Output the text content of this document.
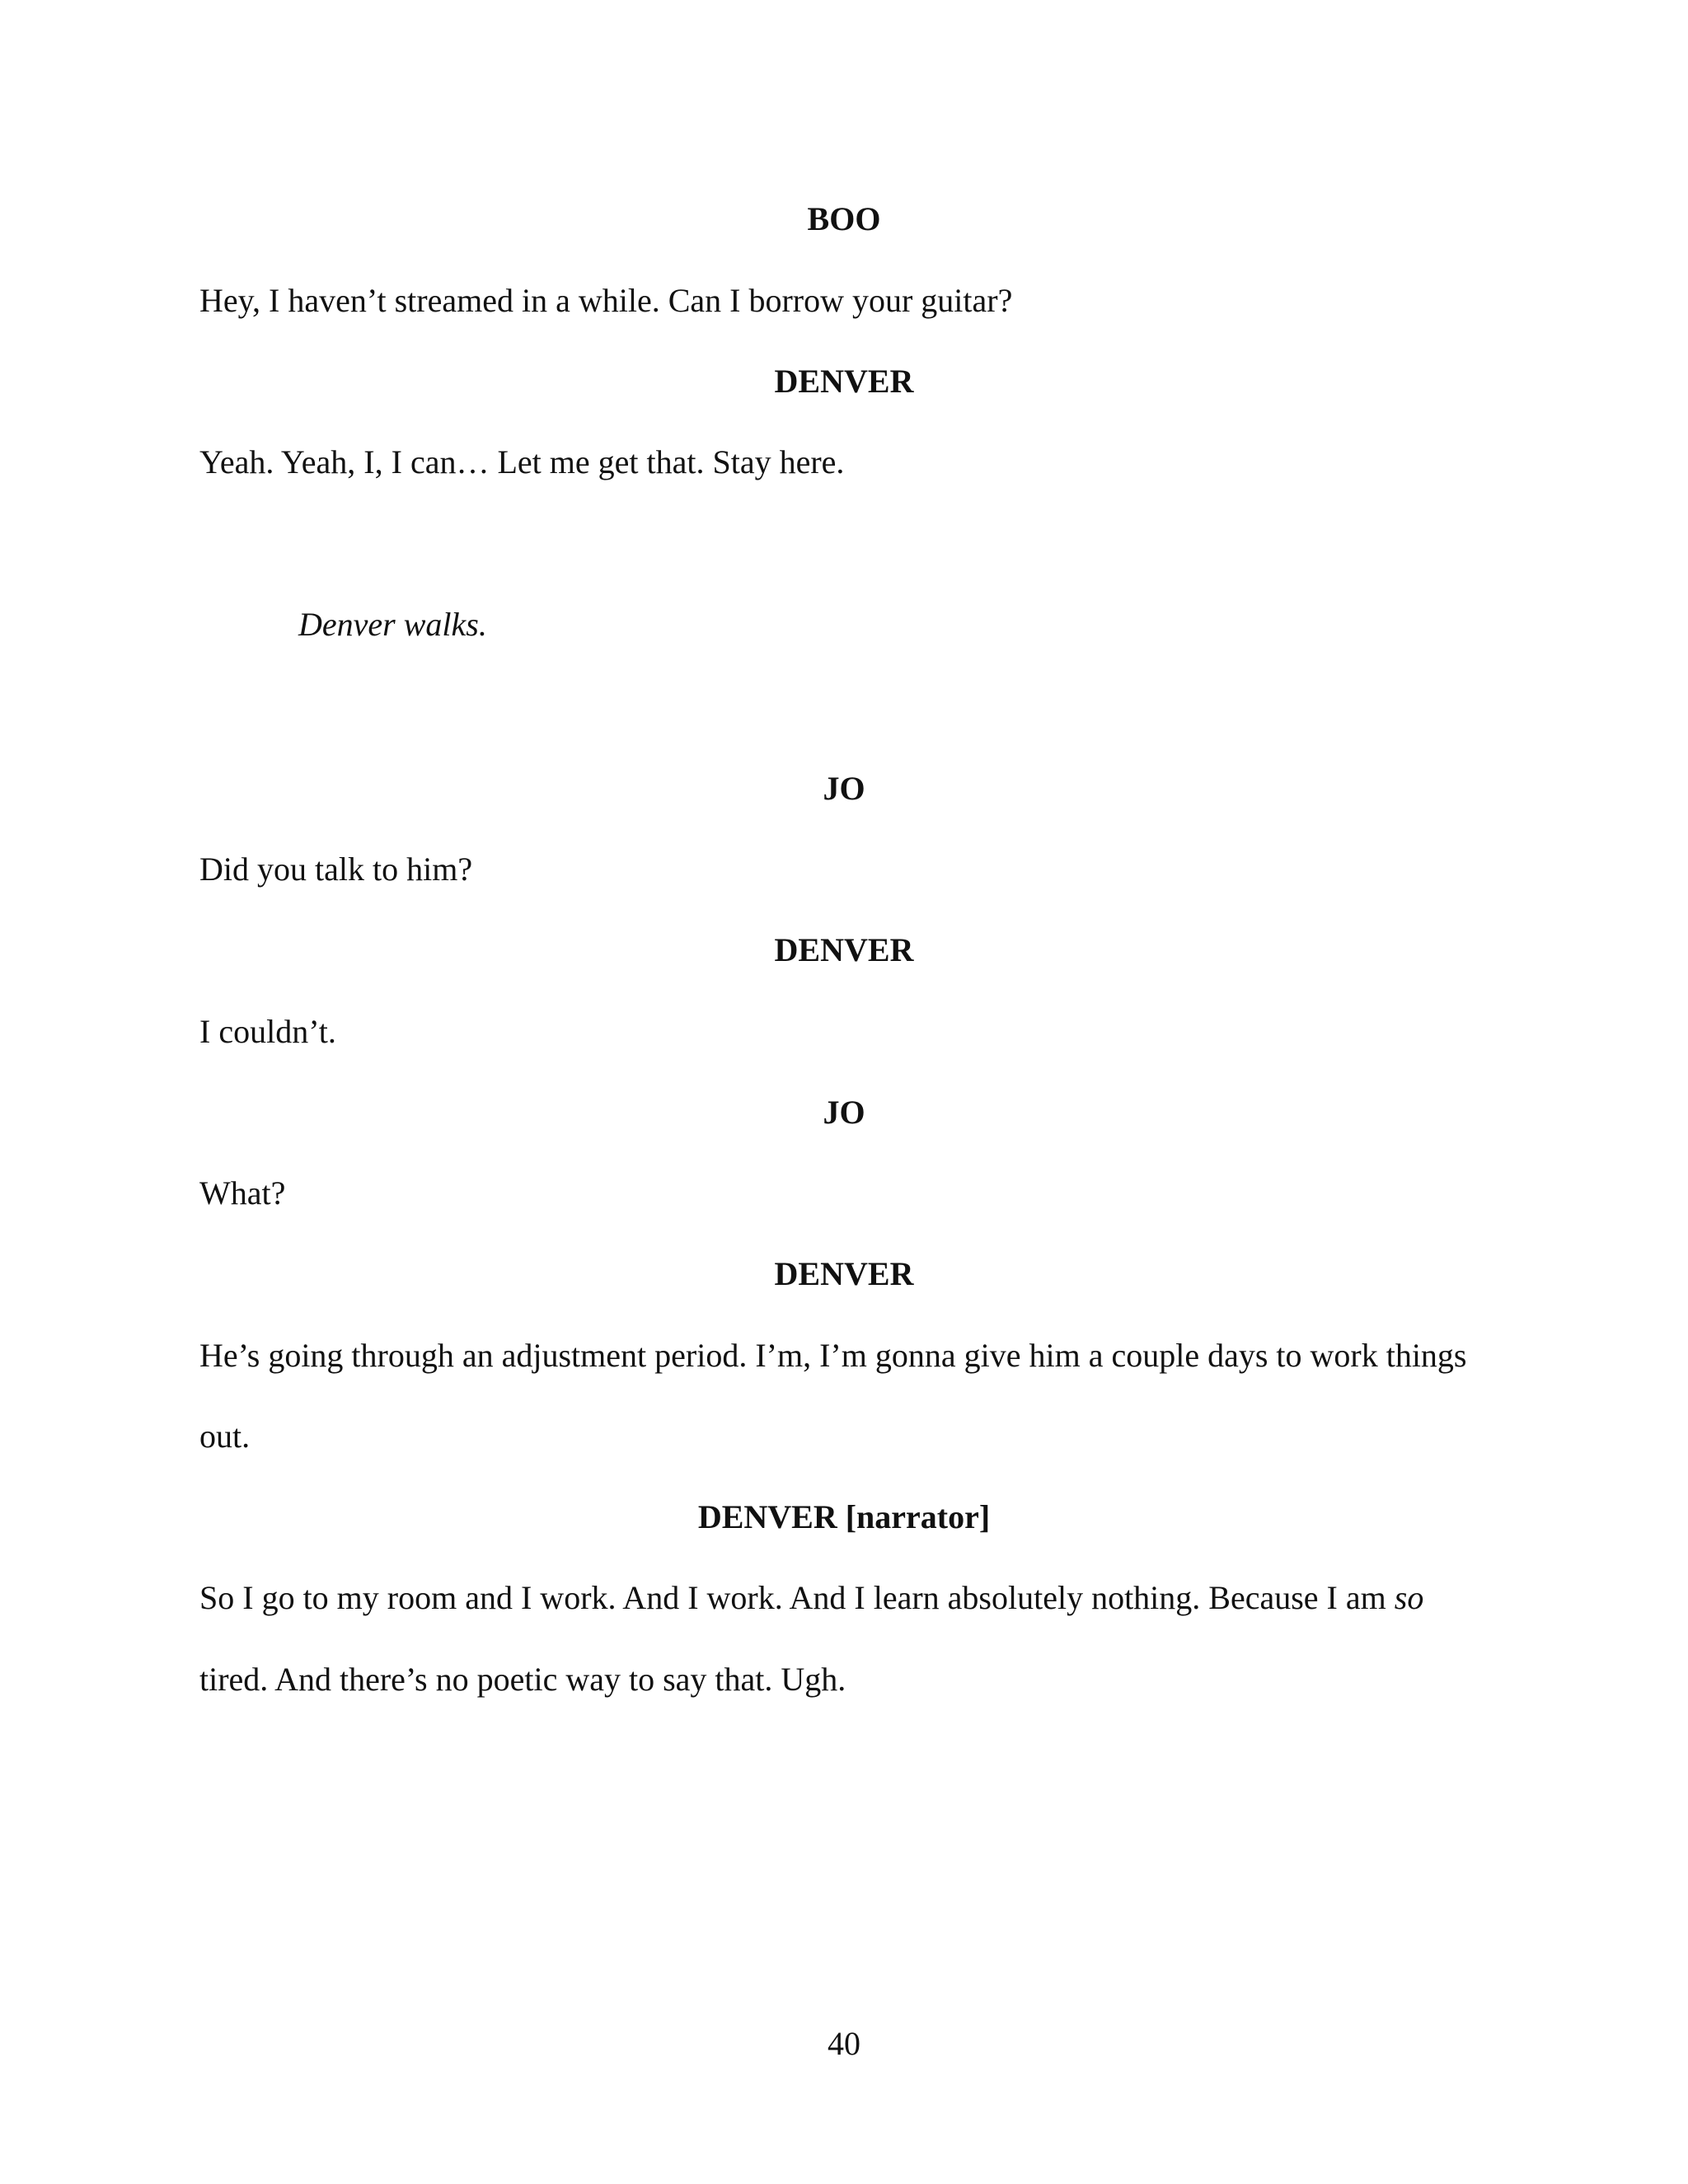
BOO

Hey, I haven’t streamed in a while. Can I borrow your guitar?

DENVER

Yeah. Yeah, I, I can… Let me get that. Stay here.

Denver walks.

JO

Did you talk to him?

DENVER

I couldn’t.

JO

What?

DENVER

He’s going through an adjustment period. I’m, I’m gonna give him a couple days to work things

out.

DENVER [narrator]

So I go to my room and I work. And I work. And I learn absolutely nothing. Because I am so

tired. And there’s no poetic way to say that. Ugh.

40
